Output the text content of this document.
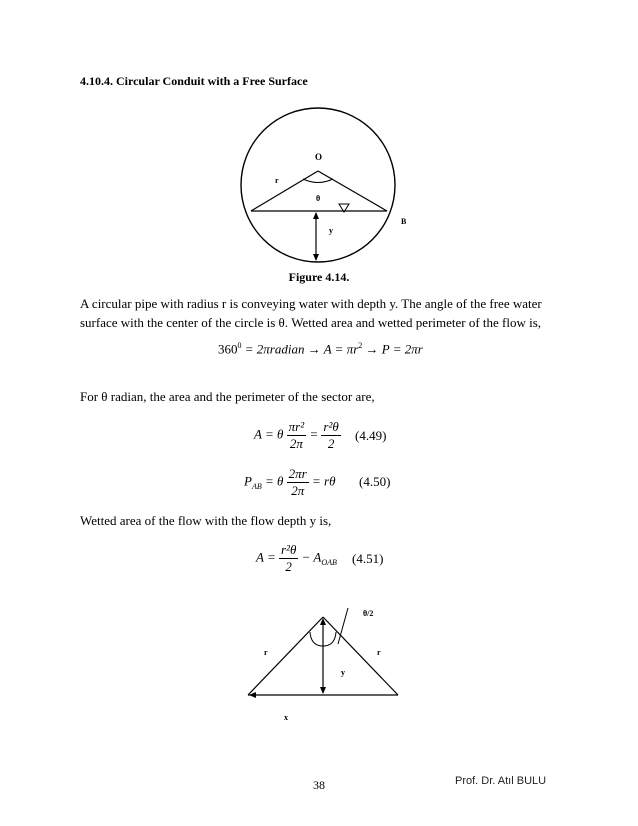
4.10.4. Circular Conduit with a Free Surface
O
r
θ
B
y
Figure 4.14.
A circular pipe with radius r is conveying water with depth y. The angle of the free water surface with the center of the circle is θ. Wetted area and wetted perimeter of the flow is,
$360^0$ = 2πradian → $A = \pi r^2 \to P = 2\pi r$
For θ radian, the area and the perimeter of the sector are,
A = θ $\frac{\text{πr²}}{2\pi} = \frac{\text{r²θ}}{2} (4.49)$
$P_{AB} = \theta \frac{2\pi r}{2\pi} = r\theta$ (4.50)
Wetted area of the flow with the flow depth y is,
$A = \frac{\text{r²θ}}{2} - A_{OAB}$ (4.51)
θ/2
r	r
y
x
38	Prof. Dr. Atıl BULU
